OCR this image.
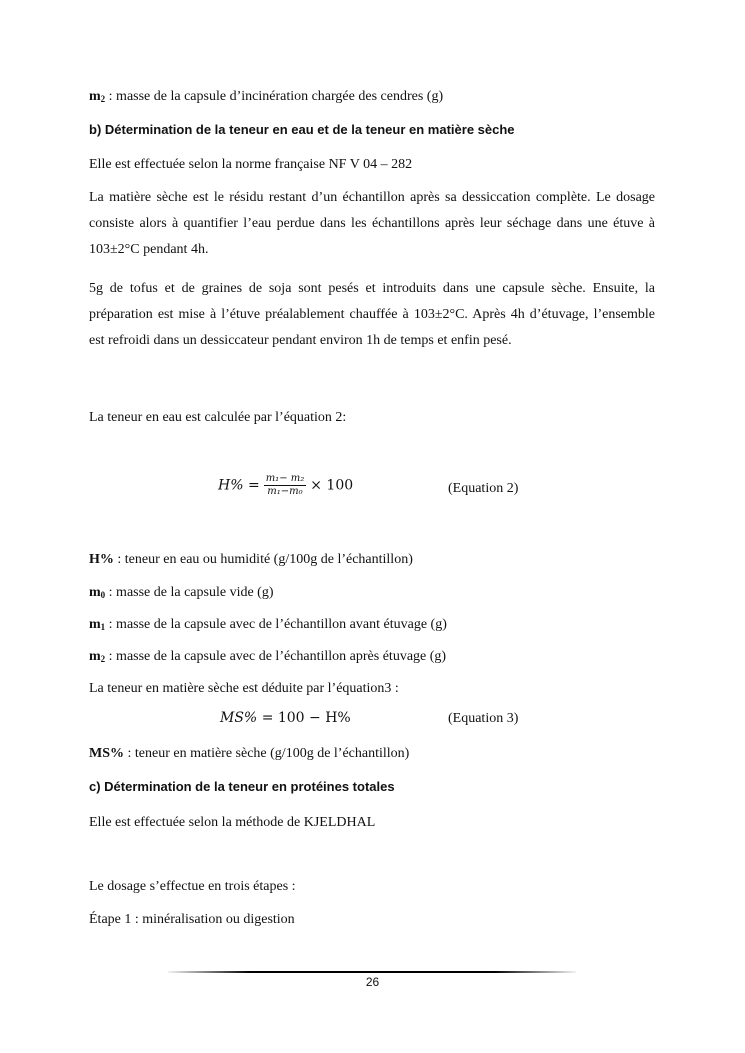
$m_2$ : masse de la capsule d’incinération chargée des cendres (g)

b) Détermination de la teneur en eau et de la teneur en matière sèche

Elle est effectuée selon la norme française NF V 04 – 282

La matière sèche est le résidu restant d’un échantillon après sa dessiccation complète. Le dosage consiste alors à quantifier l’eau perdue dans les échantillons après leur séchage dans une étuve à 103±2°C pendant 4h.

5g de tofus et de graines de soja sont pesés et introduits dans une capsule sèche. Ensuite, la préparation est mise à l’étuve préalablement chauffée à 103±2°C. Après 4h d’étuvage, l’ensemble est refroidi dans un dessiccateur pendant environ 1h de temps et enfin pesé.

La teneur en eau est calculée par l’équation 2:

$H\% = \frac{\text{m₁− m₂}}{\text{m₁−m₀}} \times 100$	(Equation 2)

H% : teneur en eau ou humidité (g/100g de l’échantillon)

$m_0$ : masse de la capsule vide (g)

$m_1$ : masse de la capsule avec de l’échantillon avant étuvage (g)

$m_2$ : masse de la capsule avec de l’échantillon après étuvage (g)

La teneur en matière sèche est déduite par l’équation3 :

MS% = 100 − H%	(Equation 3)

MS% : teneur en matière sèche (g/100g de l’échantillon)

c) Détermination de la teneur en protéines totales

Elle est effectuée selon la méthode de KJELDHAL

Le dosage s’effectue en trois étapes :

Étape 1 : minéralisation ou digestion

26
